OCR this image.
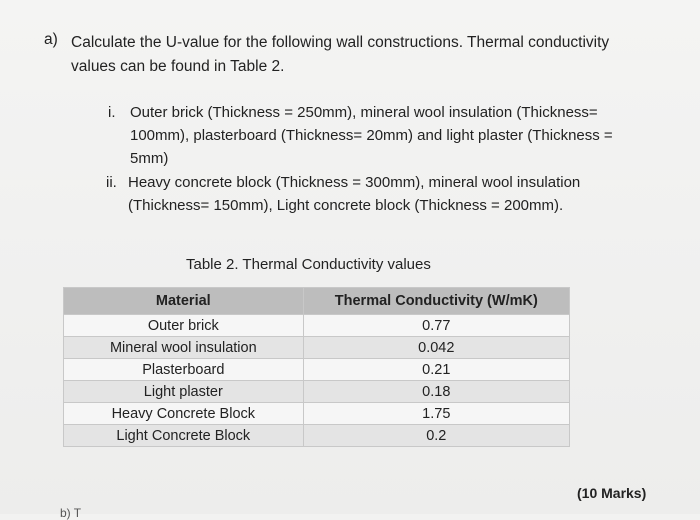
a) Calculate the U-value for the following wall constructions. Thermal conductivity
values can be found in Table 2.
i. Outer brick (Thickness = 250mm), mineral wool insulation (Thickness=
100mm), plasterboard (Thickness= 20mm) and light plaster (Thickness =
5mm)
ii. Heavy concrete block (Thickness = 300mm), mineral wool insulation
(Thickness= 150mm), Light concrete block (Thickness = 200mm).
Table 2. Thermal Conductivity values
Material	Thermal Conductivity (W/mK)
Outer brick	0.77
Mineral wool insulation	0.042
Plasterboard	0.21
Light plaster	0.18
Heavy Concrete Block	1.75
Light Concrete Block	0.2
(10 Marks)
b) T
